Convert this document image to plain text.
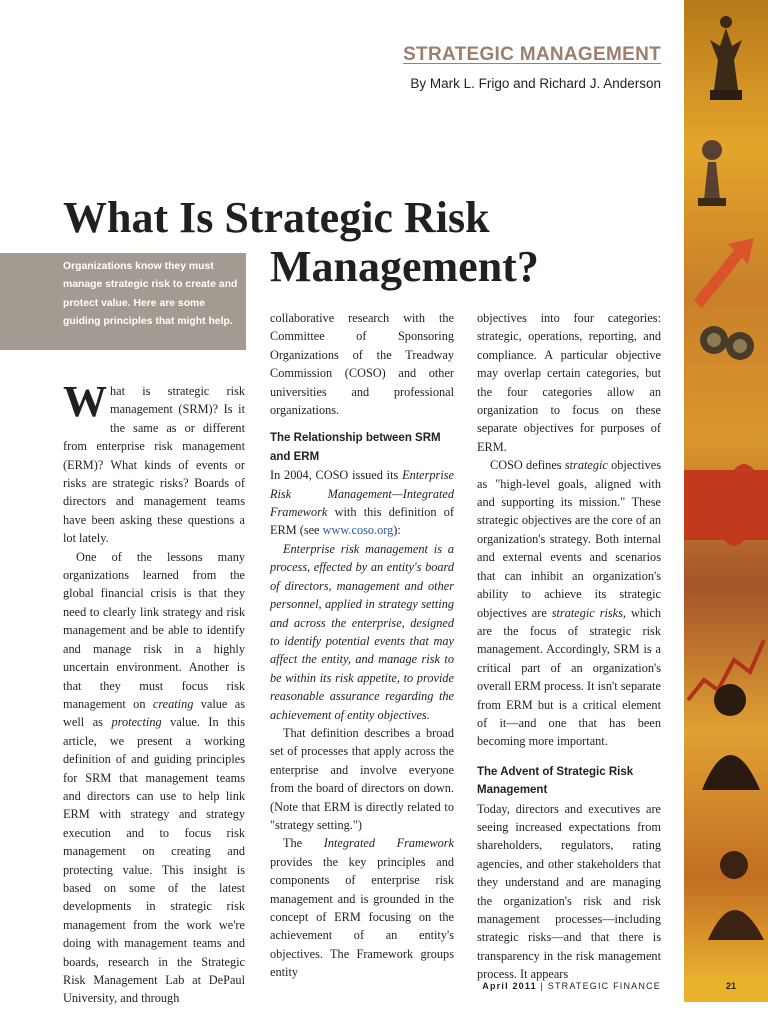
STRATEGIC MANAGEMENT
By Mark L. Frigo and Richard J. Anderson
What Is Strategic Risk
Management?
Organizations know they must manage strategic risk to create and protect value. Here are some guiding principles that might help.

What is strategic risk management (SRM)? Is it the same as or different from enterprise risk management (ERM)? What kinds of events or risks are strategic risks? Boards of directors and management teams have been asking these questions a lot lately.

One of the lessons many organizations learned from the global financial crisis is that they need to clearly link strategy and risk management and be able to identify and manage risk in a highly uncertain environment. Another is that they must focus risk management on creating value as well as protecting value. In this article, we present a working definition of and guiding principles for SRM that management teams and directors can use to help link ERM with strategy and strategy execution and to focus risk management on creating and protecting value. This insight is based on some of the latest developments in strategic risk management from the work we're doing with management teams and boards, research in the Strategic Risk Management Lab at DePaul University, and through

collaborative research with the Committee of Sponsoring Organizations of the Treadway Commission (COSO) and other universities and professional organizations.

The Relationship between SRM and ERM

In 2004, COSO issued its Enterprise Risk Management—Integrated Framework with this definition of ERM (see www.coso.org):

Enterprise risk management is a process, effected by an entity's board of directors, management and other personnel, applied in strategy setting and across the enterprise, designed to identify potential events that may affect the entity, and manage risk to be within its risk appetite, to provide reasonable assurance regarding the achievement of entity objectives.

That definition describes a broad set of processes that apply across the enterprise and involve everyone from the board of directors on down. (Note that ERM is directly related to "strategy setting.")

The Integrated Framework provides the key principles and components of enterprise risk management and is grounded in the concept of ERM focusing on the achievement of an entity's objectives. The Framework groups entity

objectives into four categories: strategic, operations, reporting, and compliance. A particular objective may overlap certain categories, but the four categories allow an organization to focus on these separate objectives for purposes of ERM.

COSO defines strategic objectives as "high-level goals, aligned with and supporting its mission." These strategic objectives are the core of an organization's strategy. Both internal and external events and scenarios that can inhibit an organization's ability to achieve its strategic objectives are strategic risks, which are the focus of strategic risk management. Accordingly, SRM is a critical part of an organization's overall ERM process. It isn't separate from ERM but is a critical element of it—and one that has been becoming more important.

The Advent of Strategic Risk Management

Today, directors and executives are seeing increased expectations from shareholders, regulators, rating agencies, and other stakeholders that they understand and are managing the organization's risk and risk management processes—including strategic risks—and that there is transparency in the risk management process. It appears

April 2011 | STRATEGIC FINANCE	21
